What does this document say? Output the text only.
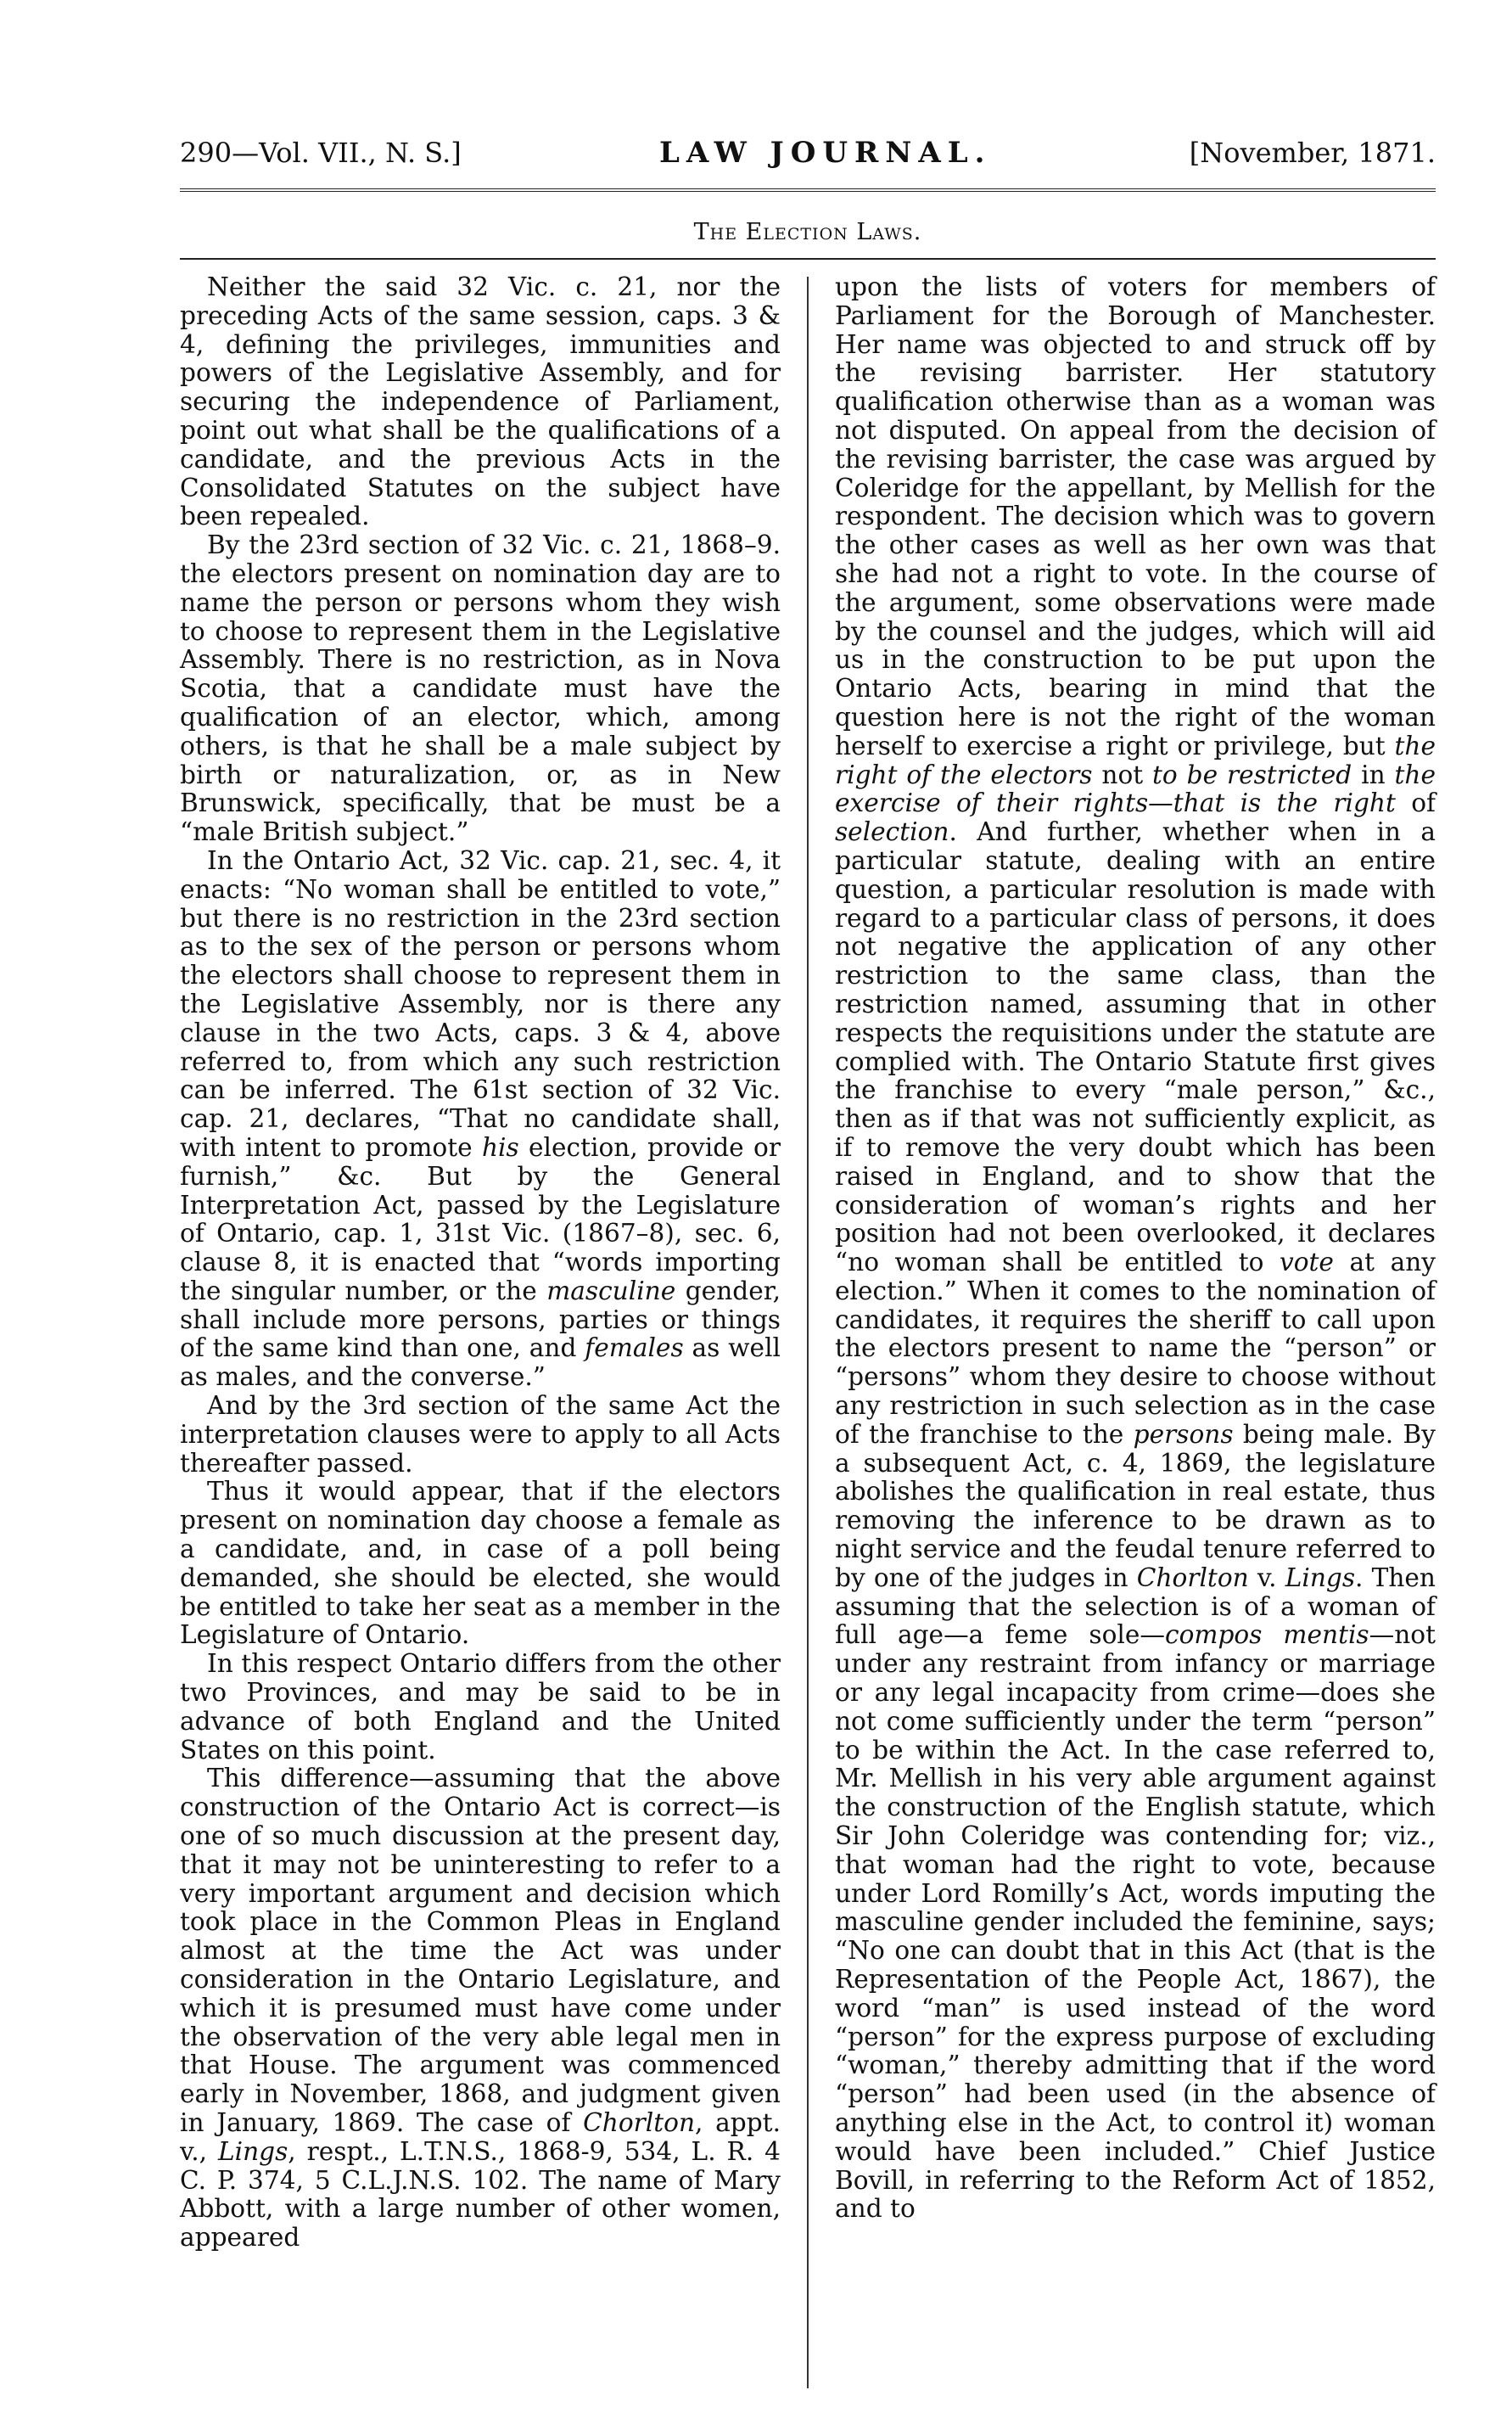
290—Vol. VII., N. S.]	LAW JOURNAL.	[November, 1871.
The Election Laws.

Neither the said 32 Vic. c. 21, nor the preceding Acts of the same session, caps. 3 & 4, defining the privileges, immunities and powers of the Legislative Assembly, and for securing the independence of Parliament, point out what shall be the qualifications of a candidate, and the previous Acts in the Consolidated Statutes on the subject have been repealed.

By the 23rd section of 32 Vic. c. 21, 1868–9. the electors present on nomination day are to name the person or persons whom they wish to choose to represent them in the Legislative Assembly. There is no restriction, as in Nova Scotia, that a candidate must have the qualification of an elector, which, among others, is that he shall be a male subject by birth or naturalization, or, as in New Brunswick, specifically, that be must be a “male British subject.”

In the Ontario Act, 32 Vic. cap. 21, sec. 4, it enacts: “No woman shall be entitled to vote,” but there is no restriction in the 23rd section as to the sex of the person or persons whom the electors shall choose to represent them in the Legislative Assembly, nor is there any clause in the two Acts, caps. 3 & 4, above referred to, from which any such restriction can be inferred. The 61st section of 32 Vic. cap. 21, declares, “That no candidate shall, with intent to promote his election, provide or furnish,” &c. But by the General Interpretation Act, passed by the Legislature of Ontario, cap. 1, 31st Vic. (1867–8), sec. 6, clause 8, it is enacted that “words importing the singular number, or the masculine gender, shall include more persons, parties or things of the same kind than one, and females as well as males, and the converse.”

And by the 3rd section of the same Act the interpretation clauses were to apply to all Acts thereafter passed.

Thus it would appear, that if the electors present on nomination day choose a female as a candidate, and, in case of a poll being demanded, she should be elected, she would be entitled to take her seat as a member in the Legislature of Ontario.

In this respect Ontario differs from the other two Provinces, and may be said to be in advance of both England and the United States on this point.

This difference—assuming that the above construction of the Ontario Act is correct—is one of so much discussion at the present day, that it may not be uninteresting to refer to a very important argument and decision which took place in the Common Pleas in England almost at the time the Act was under consideration in the Ontario Legislature, and which it is presumed must have come under the observation of the very able legal men in that House. The argument was commenced early in November, 1868, and judgment given in January, 1869. The case of Chorlton, appt. v., Lings, respt., L.T.N.S., 1868-9, 534, L. R. 4 C. P. 374, 5 C.L.J.N.S. 102. The name of Mary Abbott, with a large number of other women, appeared

upon the lists of voters for members of Parliament for the Borough of Manchester. Her name was objected to and struck off by the revising barrister. Her statutory qualification otherwise than as a woman was not disputed. On appeal from the decision of the revising barrister, the case was argued by Coleridge for the appellant, by Mellish for the respondent. The decision which was to govern the other cases as well as her own was that she had not a right to vote. In the course of the argument, some observations were made by the counsel and the judges, which will aid us in the construction to be put upon the Ontario Acts, bearing in mind that the question here is not the right of the woman herself to exercise a right or privilege, but the right of the electors not to be restricted in the exercise of their rights—that is the right of selection. And further, whether when in a particular statute, dealing with an entire question, a particular resolution is made with regard to a particular class of persons, it does not negative the application of any other restriction to the same class, than the restriction named, assuming that in other respects the requisitions under the statute are complied with. The Ontario Statute first gives the franchise to every “male person,” &c., then as if that was not sufficiently explicit, as if to remove the very doubt which has been raised in England, and to show that the consideration of woman’s rights and her position had not been overlooked, it declares “no woman shall be entitled to vote at any election.” When it comes to the nomination of candidates, it requires the sheriff to call upon the electors present to name the “person” or “persons” whom they desire to choose without any restriction in such selection as in the case of the franchise to the persons being male. By a subsequent Act, c. 4, 1869, the legislature abolishes the qualification in real estate, thus removing the inference to be drawn as to night service and the feudal tenure referred to by one of the judges in Chorlton v. Lings. Then assuming that the selection is of a woman of full age—a feme sole—compos mentis—not under any restraint from infancy or marriage or any legal incapacity from crime—does she not come sufficiently under the term “person” to be within the Act. In the case referred to, Mr. Mellish in his very able argument against the construction of the English statute, which Sir John Coleridge was contending for; viz., that woman had the right to vote, because under Lord Romilly’s Act, words imputing the masculine gender included the feminine, says; “No one can doubt that in this Act (that is the Representation of the People Act, 1867), the word “man” is used instead of the word “person” for the express purpose of excluding “woman,” thereby admitting that if the word “person” had been used (in the absence of anything else in the Act, to control it) woman would have been included.” Chief Justice Bovill, in referring to the Reform Act of 1852, and to
